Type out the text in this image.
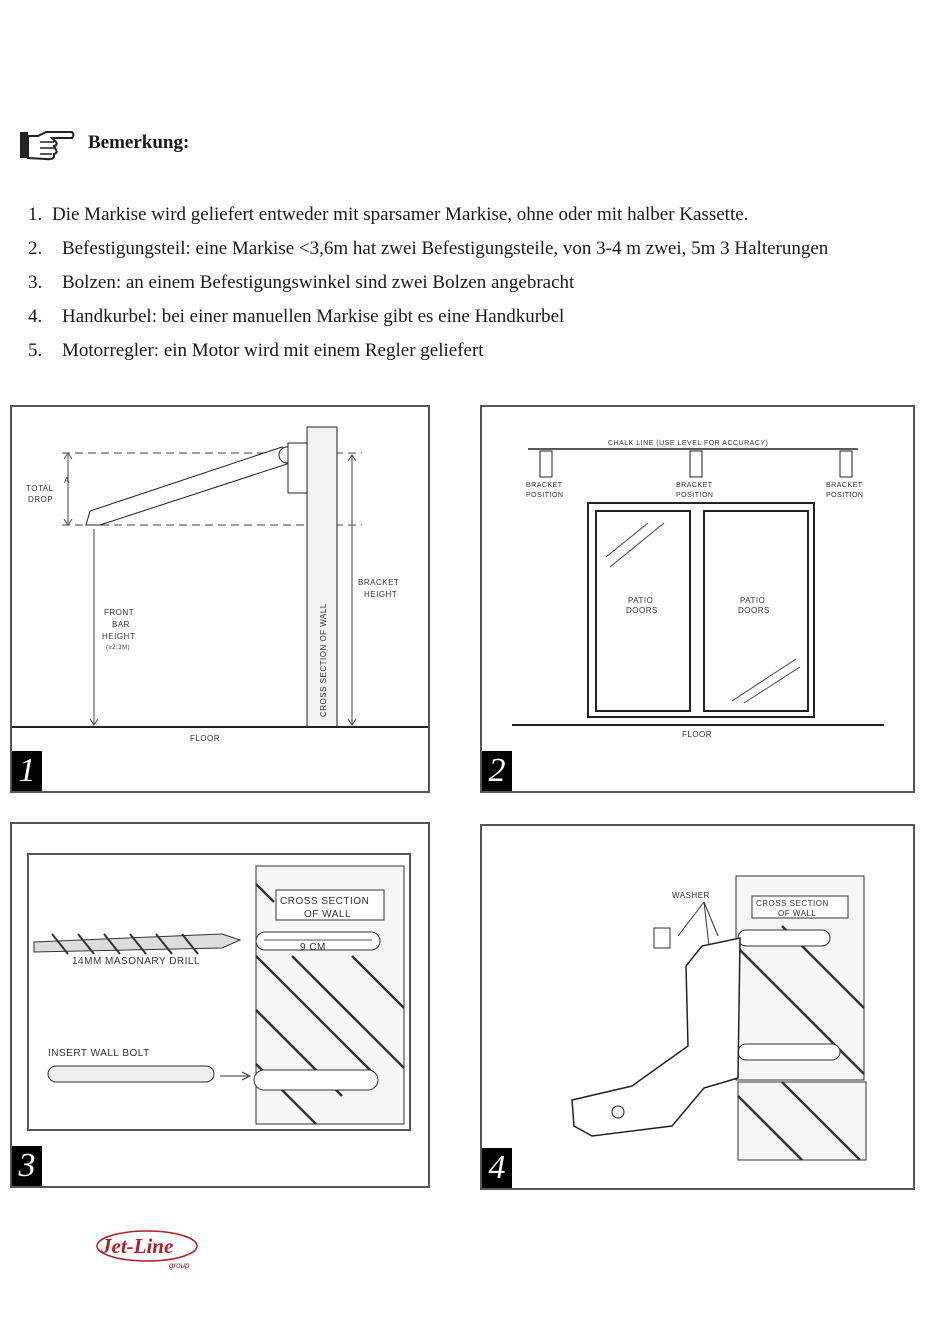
Bemerkung:
1. Die Markise wird geliefert entweder mit sparsamer Markise, ohne oder mit halber Kassette.
2. Befestigungsteil: eine Markise <3,6m hat zwei Befestigungsteile, von 3-4 m zwei, 5m 3 Halterungen
3. Bolzen: an einem Befestigungswinkel sind zwei Bolzen angebracht
4. Handkurbel: bei einer manuellen Markise gibt es eine Handkurbel
5. Motorregler: ein Motor wird mit einem Regler geliefert
TOTAL
DROP
A
FRONT
BAR
HEIGHT
(≥2.3M)
BRACKET
HEIGHT
CROSS SECTION OF WALL
FLOOR
1
CHALK LINE (USE LEVEL FOR ACCURACY)
BRACKET
POSITION
BRACKET
POSITION
BRACKET
POSITION
PATIO
DOORS
PATIO
DOORS
FLOOR
2
CROSS SECTION
OF WALL
9 CM
14MM MASONARY DRILL
INSERT WALL BOLT
3
CROSS SECTION
OF WALL
WASHER
4
Jet-Line
group
